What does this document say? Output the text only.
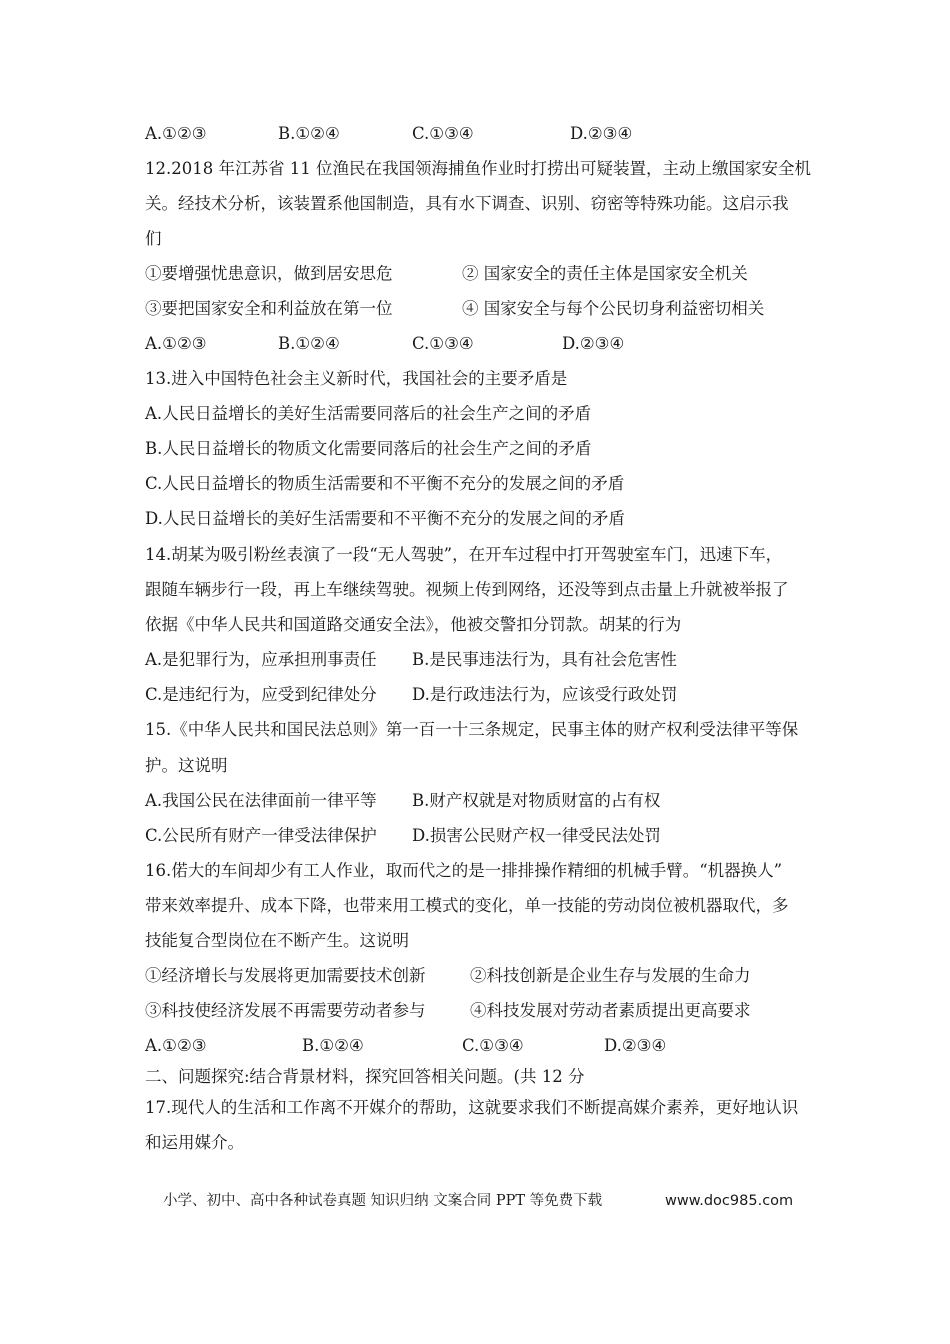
A.①②③	B.①②④	C.①③④	D.②③④
12.2018 年江苏省 11 位渔民在我国领海捕鱼作业时打捞出可疑装置，主动上缴国家安全机
关。经技术分析，该装置系他国制造，具有水下调查、识别、窃密等特殊功能。这启示我
们
①要增强忧患意识，做到居安思危	② 国家安全的责任主体是国家安全机关
③要把国家安全和利益放在第一位	④ 国家安全与每个公民切身利益密切相关
A.①②③	B.①②④	C.①③④	D.②③④
13.进入中国特色社会主义新时代，我国社会的主要矛盾是
A.人民日益增长的美好生活需要同落后的社会生产之间的矛盾
B.人民日益增长的物质文化需要同落后的社会生产之间的矛盾
C.人民日益增长的物质生活需要和不平衡不充分的发展之间的矛盾
D.人民日益增长的美好生活需要和不平衡不充分的发展之间的矛盾
14.胡某为吸引粉丝表演了一段“无人驾驶”，在开车过程中打开驾驶室车门，迅速下车，
跟随车辆步行一段，再上车继续驾驶。视频上传到网络，还没等到点击量上升就被举报了
依据《中华人民共和国道路交通安全法》，他被交警扣分罚款。胡某的行为
A.是犯罪行为，应承担刑事责任 B.是民事违法行为，具有社会危害性
C.是违纪行为，应受到纪律处分 D.是行政违法行为，应该受行政处罚
15.《中华人民共和国民法总则》第一百一十三条规定，民事主体的财产权利受法律平等保
护。这说明
A.我国公民在法律面前一律平等 B.财产权就是对物质财富的占有权
C.公民所有财产一律受法律保护 D.损害公民财产权一律受民法处罚
16.偌大的车间却少有工人作业，取而代之的是一排排操作精细的机械手臂。“机器换人”
带来效率提升、成本下降，也带来用工模式的变化，单一技能的劳动岗位被机器取代，多
技能复合型岗位在不断产生。这说明
①经济增长与发展将更加需要技术创新	②科技创新是企业生存与发展的生命力
③科技使经济发展不再需要劳动者参与	④科技发展对劳动者素质提出更高要求
A.①②③	B.①②④	C.①③④	D.②③④
二、问题探究:结合背景材料，探究回答相关问题。(共 12 分
17.现代人的生活和工作离不开媒介的帮助，这就要求我们不断提高媒介素养，更好地认识
和运用媒介。
小学、初中、高中各种试卷真题 知识归纳 文案合同 PPT 等免费下载	www.doc985.com
